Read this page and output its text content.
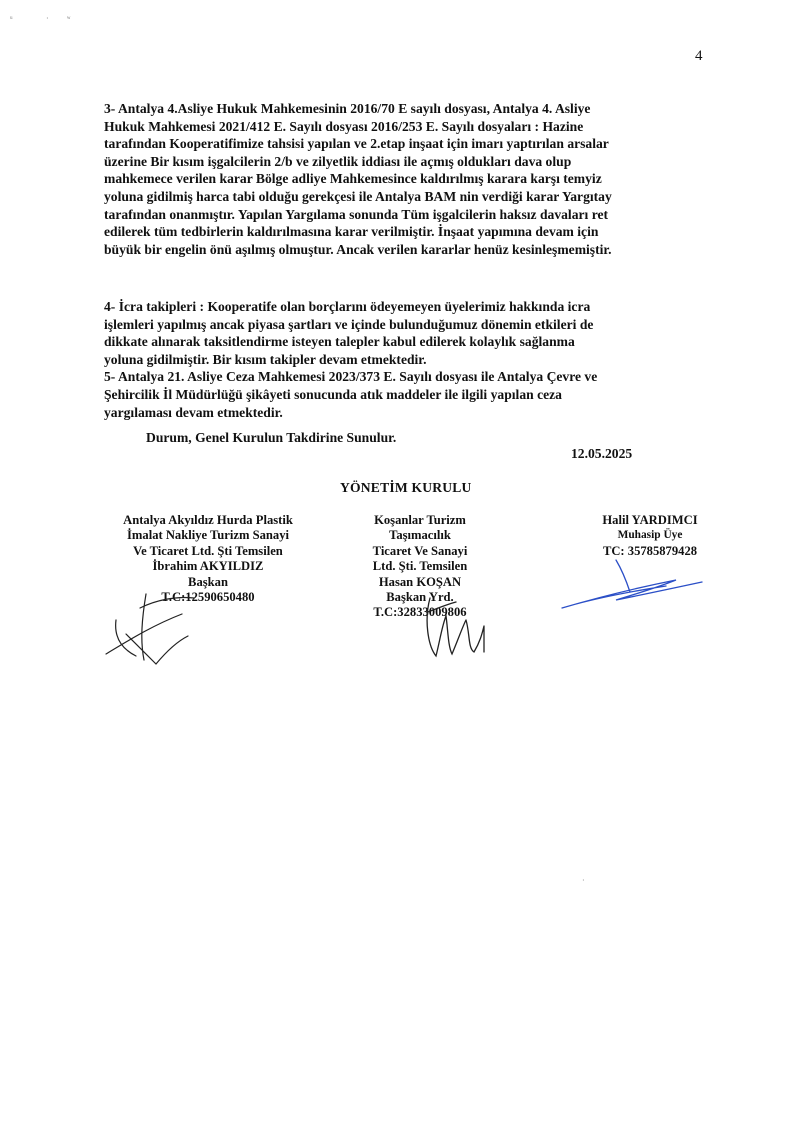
ᵘ	· ʷ
4
3- Antalya 4.Asliye Hukuk Mahkemesinin 2016/70 E sayılı dosyası, Antalya 4. Asliye
Hukuk Mahkemesi 2021/412 E. Sayılı dosyası 2016/253 E. Sayılı dosyaları : Hazine
tarafından Kooperatifimize tahsisi yapılan ve 2.etap inşaat için imarı yaptırılan arsalar
üzerine Bir kısım işgalcilerin 2/b ve zilyetlik iddiası ile açmış oldukları dava olup
mahkemece verilen karar Bölge adliye Mahkemesince kaldırılmış karara karşı temyiz
yoluna gidilmiş harca tabi olduğu gerekçesi ile Antalya BAM nin verdiği karar Yargıtay
tarafından onanmıştır. Yapılan Yargılama sonunda Tüm işgalcilerin haksız davaları ret
edilerek tüm tedbirlerin kaldırılmasına karar verilmiştir. İnşaat yapımına devam için
büyük bir engelin önü aşılmış olmuştur. Ancak verilen kararlar henüz kesinleşmemiştir.
4- İcra takipleri : Kooperatife olan borçlarını ödeyemeyen üyelerimiz hakkında icra
işlemleri yapılmış ancak piyasa şartları ve içinde bulunduğumuz dönemin etkileri de
dikkate alınarak taksitlendirme isteyen talepler kabul edilerek kolaylık sağlanma
yoluna gidilmiştir. Bir kısım takipler devam etmektedir.
5- Antalya 21. Asliye Ceza Mahkemesi 2023/373 E. Sayılı dosyası ile Antalya Çevre ve
Şehircilik İl Müdürlüğü şikâyeti sonucunda atık maddeler ile ilgili yapılan ceza
yargılaması devam etmektedir.
Durum, Genel Kurulun Takdirine Sunulur.
12.05.2025
YÖNETİM KURULU
Antalya Akyıldız Hurda Plastik
İmalat Nakliye Turizm Sanayi
Ve Ticaret Ltd. Şti Temsilen
İbrahim AKYILDIZ
Başkan
T.C:12590650480
Koşanlar Turizm Taşımacılık
Ticaret Ve Sanayi
Ltd. Şti. Temsilen
Hasan KOŞAN
Başkan Yrd.
T.C:32833009806
Halil YARDIMCI
Muhasip Üye
TC: 35785879428
·
